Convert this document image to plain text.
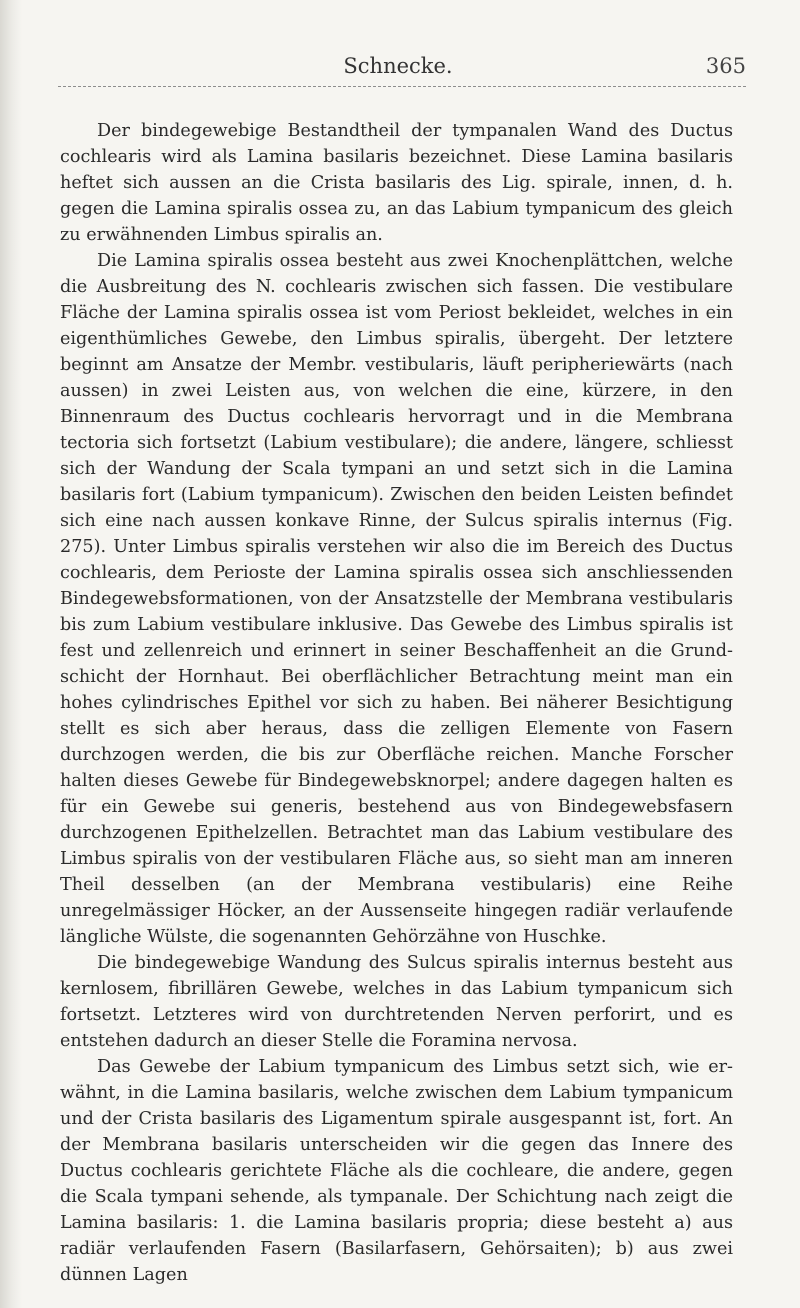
Schnecke.	365

Der bindegewebige Bestandtheil der tympanalen Wand des Ductus cochlearis wird als Lamina basilaris bezeichnet. Diese Lamina basilaris heftet sich aussen an die Crista basilaris des Lig. spirale, innen, d. h. gegen die Lamina spiralis ossea zu, an das Labium tympanicum des gleich zu erwähnenden Limbus spiralis an.

Die Lamina spiralis ossea besteht aus zwei Knochenplättchen, welche die Ausbreitung des N. cochlearis zwischen sich fassen. Die vestibulare Fläche der Lamina spiralis ossea ist vom Periost bekleidet, welches in ein eigenthümliches Gewebe, den Limbus spiralis, übergeht. Der letztere beginnt am Ansatze der Membr. vestibularis, läuft peripheriewärts (nach aussen) in zwei Leisten aus, von welchen die eine, kürzere, in den Binnenraum des Ductus cochlearis hervorragt und in die Membrana tectoria sich fortsetzt (Labium vestibulare); die andere, längere, schliesst sich der Wandung der Scala tympani an und setzt sich in die Lamina basilaris fort (Labium tympanicum). Zwischen den beiden Leisten befindet sich eine nach aussen konkave Rinne, der Sulcus spiralis internus (Fig. 275). Unter Limbus spiralis verstehen wir also die im Bereich des Ductus cochlearis, dem Perioste der Lamina spiralis ossea sich anschliessenden Bindegewebsformationen, von der Ansatzstelle der Membrana vestibularis bis zum Labium vestibulare inklusive. Das Gewebe des Limbus spiralis ist fest und zellenreich und erinnert in seiner Beschaffenheit an die Grundschicht der Hornhaut. Bei oberflächlicher Betrachtung meint man ein hohes cylindrisches Epithel vor sich zu haben. Bei näherer Besichtigung stellt es sich aber heraus, dass die zelligen Elemente von Fasern durchzogen werden, die bis zur Oberfläche reichen. Manche Forscher halten dieses Gewebe für Bindegewebsknorpel; andere dagegen halten es für ein Gewebe sui generis, bestehend aus von Bindegewebsfasern durchzogenen Epithelzellen. Betrachtet man das Labium vestibulare des Limbus spiralis von der vestibularen Fläche aus, so sieht man am inneren Theil desselben (an der Membrana vestibularis) eine Reihe unregelmässiger Höcker, an der Aussenseite hingegen radiär verlaufende längliche Wülste, die sogenannten Gehörzähne von Huschke.

Die bindegewebige Wandung des Sulcus spiralis internus besteht aus kernlosem, fibrillären Gewebe, welches in das Labium tympanicum sich fortsetzt. Letzteres wird von durchtretenden Nerven perforirt, und es entstehen dadurch an dieser Stelle die Foramina nervosa.

Das Gewebe der Labium tympanicum des Limbus setzt sich, wie erwähnt, in die Lamina basilaris, welche zwischen dem Labium tympanicum und der Crista basilaris des Ligamentum spirale ausgespannt ist, fort. An der Membrana basilaris unterscheiden wir die gegen das Innere des Ductus cochlearis gerichtete Fläche als die cochleare, die andere, gegen die Scala tympani sehende, als tympanale. Der Schichtung nach zeigt die Lamina basilaris: 1. die Lamina basilaris propria; diese besteht a) aus radiär verlaufenden Fasern (Basilarfasern, Gehörsaiten); b) aus zwei dünnen Lagen
